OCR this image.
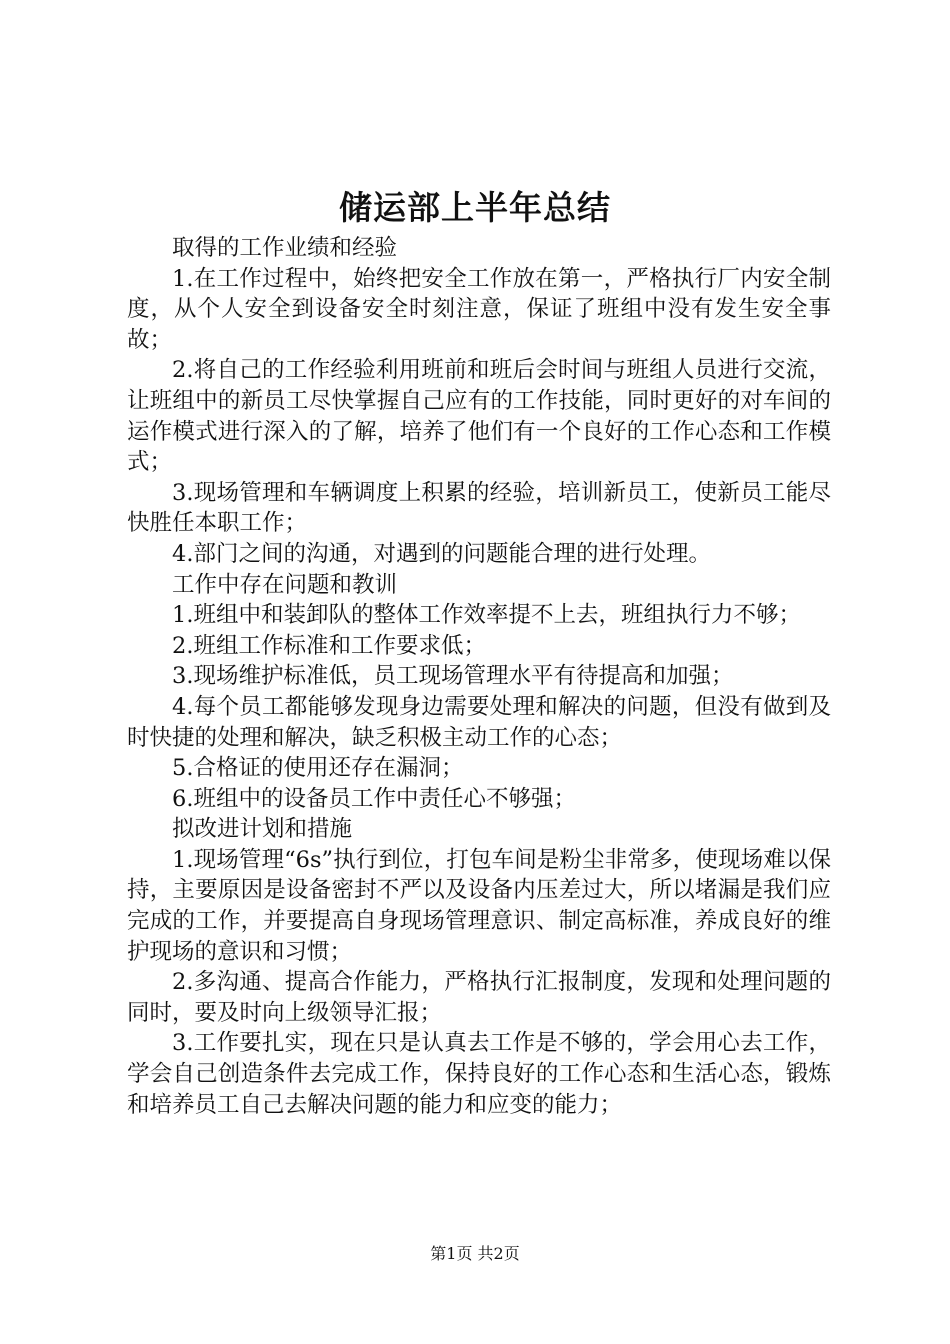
储运部上半年总结

取得的工作业绩和经验

1.在工作过程中，始终把安全工作放在第一，严格执行厂内安全制度，从个人安全到设备安全时刻注意，保证了班组中没有发生安全事故；

2.将自己的工作经验利用班前和班后会时间与班组人员进行交流，让班组中的新员工尽快掌握自己应有的工作技能，同时更好的对车间的运作模式进行深入的了解，培养了他们有一个良好的工作心态和工作模式；

3.现场管理和车辆调度上积累的经验，培训新员工，使新员工能尽快胜任本职工作；

4.部门之间的沟通，对遇到的问题能合理的进行处理。

工作中存在问题和教训

1.班组中和装卸队的整体工作效率提不上去，班组执行力不够；

2.班组工作标准和工作要求低；

3.现场维护标准低，员工现场管理水平有待提高和加强；

4.每个员工都能够发现身边需要处理和解决的问题，但没有做到及时快捷的处理和解决，缺乏积极主动工作的心态；

5.合格证的使用还存在漏洞；

6.班组中的设备员工作中责任心不够强；

拟改进计划和措施

1.现场管理“6s”执行到位，打包车间是粉尘非常多，使现场难以保持，主要原因是设备密封不严以及设备内压差过大，所以堵漏是我们应完成的工作，并要提高自身现场管理意识、制定高标准，养成良好的维护现场的意识和习惯；

2.多沟通、提高合作能力，严格执行汇报制度，发现和处理问题的同时，要及时向上级领导汇报；

3.工作要扎实，现在只是认真去工作是不够的，学会用心去工作，学会自己创造条件去完成工作，保持良好的工作心态和生活心态，锻炼和培养员工自己去解决问题的能力和应变的能力；

第1页 共2页
